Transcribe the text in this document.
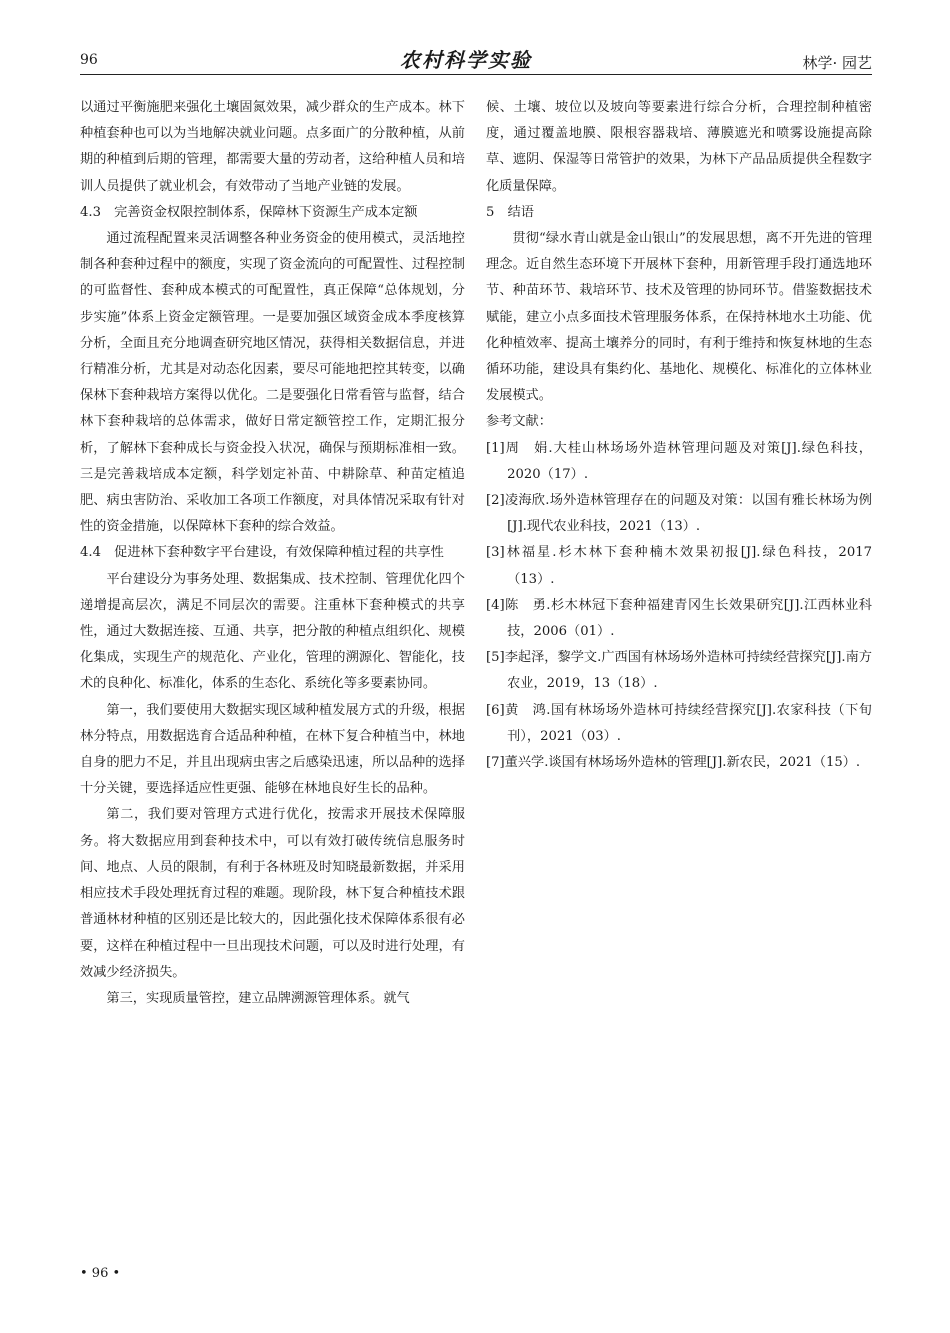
96	农村科学实验	林学· 园艺

以通过平衡施肥来强化土壤固氮效果，减少群众的生产成本。林下种植套种也可以为当地解决就业问题。点多面广的分散种植，从前期的种植到后期的管理，都需要大量的劳动者，这给种植人员和培训人员提供了就业机会，有效带动了当地产业链的发展。

4.3　完善资金权限控制体系，保障林下资源生产成本定额

通过流程配置来灵活调整各种业务资金的使用模式，灵活地控制各种套种过程中的额度，实现了资金流向的可配置性、过程控制的可监督性、套种成本模式的可配置性，真正保障“总体规划，分步实施”体系上资金定额管理。一是要加强区域资金成本季度核算分析，全面且充分地调查研究地区情况，获得相关数据信息，并进行精准分析，尤其是对动态化因素，要尽可能地把控其转变，以确保林下套种栽培方案得以优化。二是要强化日常看管与监督，结合林下套种栽培的总体需求，做好日常定额管控工作，定期汇报分析，了解林下套种成长与资金投入状况，确保与预期标准相一致。三是完善栽培成本定额，科学划定补苗、中耕除草、种苗定植追肥、病虫害防治、采收加工各项工作额度，对具体情况采取有针对性的资金措施，以保障林下套种的综合效益。

4.4　促进林下套种数字平台建设，有效保障种植过程的共享性

平台建设分为事务处理、数据集成、技术控制、管理优化四个递增提高层次，满足不同层次的需要。注重林下套种模式的共享性，通过大数据连接、互通、共享，把分散的种植点组织化、规模化集成，实现生产的规范化、产业化，管理的溯源化、智能化，技术的良种化、标准化，体系的生态化、系统化等多要素协同。

第一，我们要使用大数据实现区域种植发展方式的升级，根据林分特点，用数据选育合适品种种植，在林下复合种植当中，林地自身的肥力不足，并且出现病虫害之后感染迅速，所以品种的选择十分关键，要选择适应性更强、能够在林地良好生长的品种。

第二，我们要对管理方式进行优化，按需求开展技术保障服务。将大数据应用到套种技术中，可以有效打破传统信息服务时间、地点、人员的限制，有利于各林班及时知晓最新数据，并采用相应技术手段处理抚育过程的难题。现阶段，林下复合种植技术跟普通林材种植的区别还是比较大的，因此强化技术保障体系很有必要，这样在种植过程中一旦出现技术问题，可以及时进行处理，有效减少经济损失。

第三，实现质量管控，建立品牌溯源管理体系。就气

候、土壤、坡位以及坡向等要素进行综合分析，合理控制种植密度，通过覆盖地膜、限根容器栽培、薄膜遮光和喷雾设施提高除草、遮阴、保湿等日常管护的效果，为林下产品品质提供全程数字化质量保障。

5　结语

贯彻“绿水青山就是金山银山”的发展思想，离不开先进的管理理念。近自然生态环境下开展林下套种，用新管理手段打通选地环节、种苗环节、栽培环节、技术及管理的协同环节。借鉴数据技术赋能，建立小点多面技术管理服务体系，在保持林地水土功能、优化种植效率、提高土壤养分的同时，有利于维持和恢复林地的生态循环功能，建设具有集约化、基地化、规模化、标准化的立体林业发展模式。

参考文献：

[1]周　娟.大桂山林场场外造林管理问题及对策[J].绿色科技，2020（17）.

[2]凌海欣.场外造林管理存在的问题及对策：以国有雅长林场为例[J].现代农业科技，2021（13）.

[3]林福星.杉木林下套种楠木效果初报[J].绿色科技，2017（13）.

[4]陈　勇.杉木林冠下套种福建青冈生长效果研究[J].江西林业科技，2006（01）.

[5]李起泽，黎学文.广西国有林场场外造林可持续经营探究[J].南方农业，2019，13（18）.

[6]黄　鸿.国有林场场外造林可持续经营探究[J].农家科技（下旬刊），2021（03）.

[7]董兴学.谈国有林场场外造林的管理[J].新农民，2021（15）.

• 96 •
